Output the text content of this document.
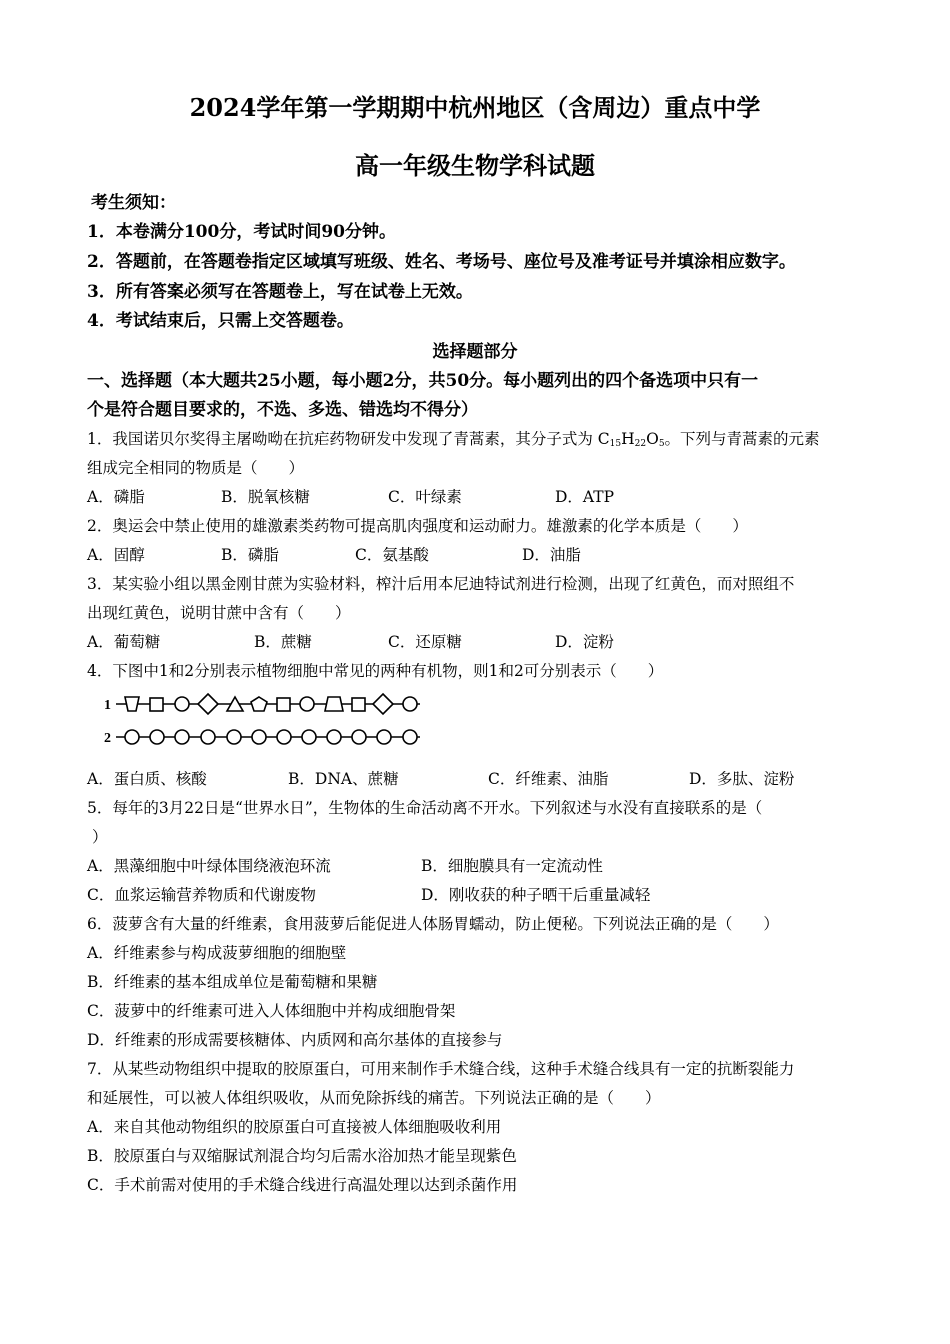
2024学年第一学期期中杭州地区（含周边）重点中学
高一年级生物学科试题
考生须知：
1．本卷满分100分，考试时间90分钟。
2．答题前，在答题卷指定区域填写班级、姓名、考场号、座位号及准考证号并填涂相应数字。
3．所有答案必须写在答题卷上，写在试卷上无效。
4．考试结束后，只需上交答题卷。
选择题部分
一、选择题（本大题共25小题，每小题2分，共50分。每小题列出的四个备选项中只有一
个是符合题目要求的，不选、多选、错选均不得分）
1．我国诺贝尔奖得主屠呦呦在抗疟药物研发中发现了青蒿素，其分子式为 $C_{15}H_{22}O_5$。下列与青蒿素的元素
组成完全相同的物质是（　　）
A．磷脂	B．脱氧核糖	C．叶绿素	D．ATP
2．奥运会中禁止使用的雄激素类药物可提高肌肉强度和运动耐力。雄激素的化学本质是（　　）
A．固醇	B．磷脂	C．氨基酸	D．油脂
3．某实验小组以黑金刚甘蔗为实验材料，榨汁后用本尼迪特试剂进行检测，出现了红黄色，而对照组不
出现红黄色，说明甘蔗中含有（　　）
A．葡萄糖	B．蔗糖	C．还原糖	D．淀粉
4．下图中1和2分别表示植物细胞中常见的两种有机物，则1和2可分别表示（　　）
1
2
A．蛋白质、核酸	B．DNA、蔗糖	C．纤维素、油脂	D．多肽、淀粉
5．每年的3月22日是“世界水日”，生物体的生命活动离不开水。下列叙述与水没有直接联系的是（
）
A．黑藻细胞中叶绿体围绕液泡环流	B．细胞膜具有一定流动性
C．血浆运输营养物质和代谢废物	D．刚收获的种子晒干后重量减轻
6．菠萝含有大量的纤维素，食用菠萝后能促进人体肠胃蠕动，防止便秘。下列说法正确的是（　　）
A．纤维素参与构成菠萝细胞的细胞壁
B．纤维素的基本组成单位是葡萄糖和果糖
C．菠萝中的纤维素可进入人体细胞中并构成细胞骨架
D．纤维素的形成需要核糖体、内质网和高尔基体的直接参与
7．从某些动物组织中提取的胶原蛋白，可用来制作手术缝合线，这种手术缝合线具有一定的抗断裂能力
和延展性，可以被人体组织吸收，从而免除拆线的痛苦。下列说法正确的是（　　）
A．来自其他动物组织的胶原蛋白可直接被人体细胞吸收利用
B．胶原蛋白与双缩脲试剂混合均匀后需水浴加热才能呈现紫色
C．手术前需对使用的手术缝合线进行高温处理以达到杀菌作用
